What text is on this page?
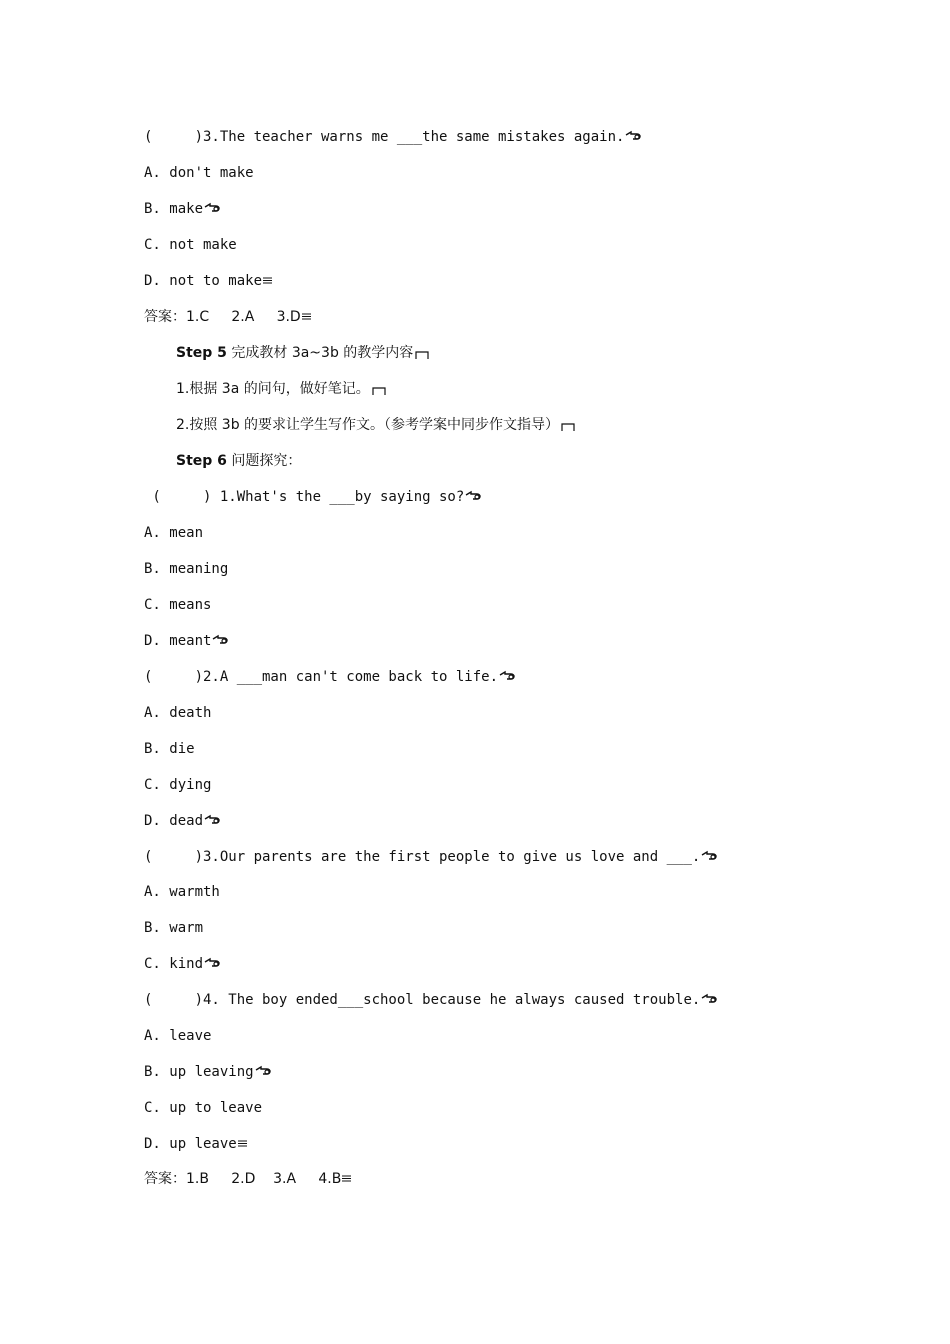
(     )3.The teacher warns me ___the same mistakes again.
A. don't make
B. make
C. not make
D. not to make
答案：1.C     2.A     3.D
Step 5 完成教材 3a~3b 的教学内容
1.根据 3a 的问句，做好笔记。
2.按照 3b 的要求让学生写作文。（参考学案中同步作文指导）
Step 6 问题探究：
(     ) 1.What's the ___by saying so?
A. mean
B. meaning
C. means
D. meant
(     )2.A ___man can't come back to life.
A. death
B. die
C. dying
D. dead
(     )3.Our parents are the first people to give us love and ___.
A. warmth
B. warm
C. kind
(     )4. The boy ended___school because he always caused trouble.
A. leave
B. up leaving
C. up to leave
D. up leave
答案：1.B     2.D    3.A     4.B
